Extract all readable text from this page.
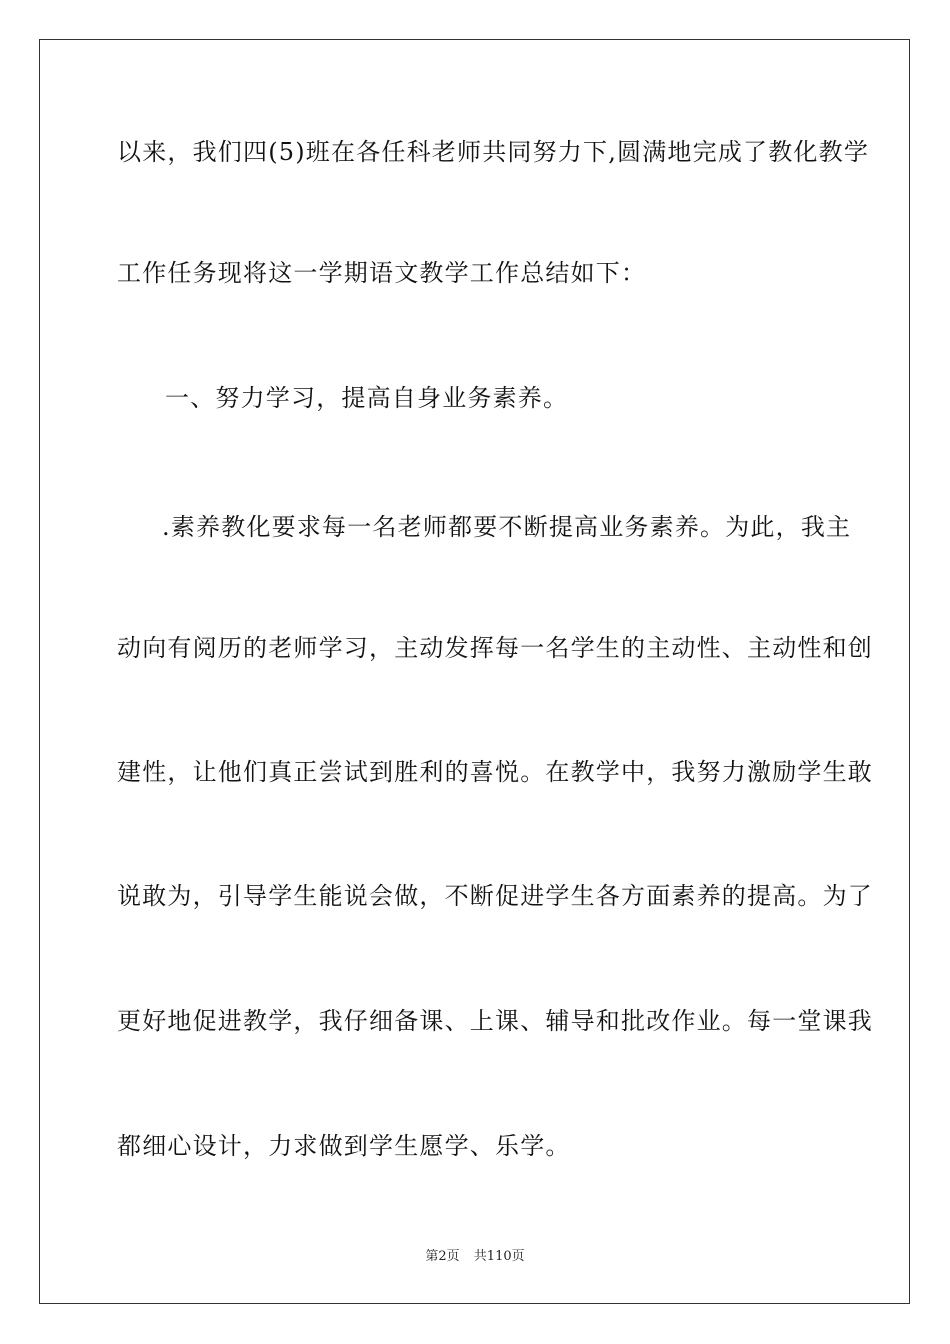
以来，我们四(5)班在各任科老师共同努力下,圆满地完成了教化教学
工作任务现将这一学期语文教学工作总结如下：
一、努力学习，提高自身业务素养。
.素养教化要求每一名老师都要不断提高业务素养。为此，我主
动向有阅历的老师学习，主动发挥每一名学生的主动性、主动性和创
建性，让他们真正尝试到胜利的喜悦。在教学中，我努力激励学生敢
说敢为，引导学生能说会做，不断促进学生各方面素养的提高。为了
更好地促进教学，我仔细备课、上课、辅导和批改作业。每一堂课我
都细心设计，力求做到学生愿学、乐学。
第2页 共110页
